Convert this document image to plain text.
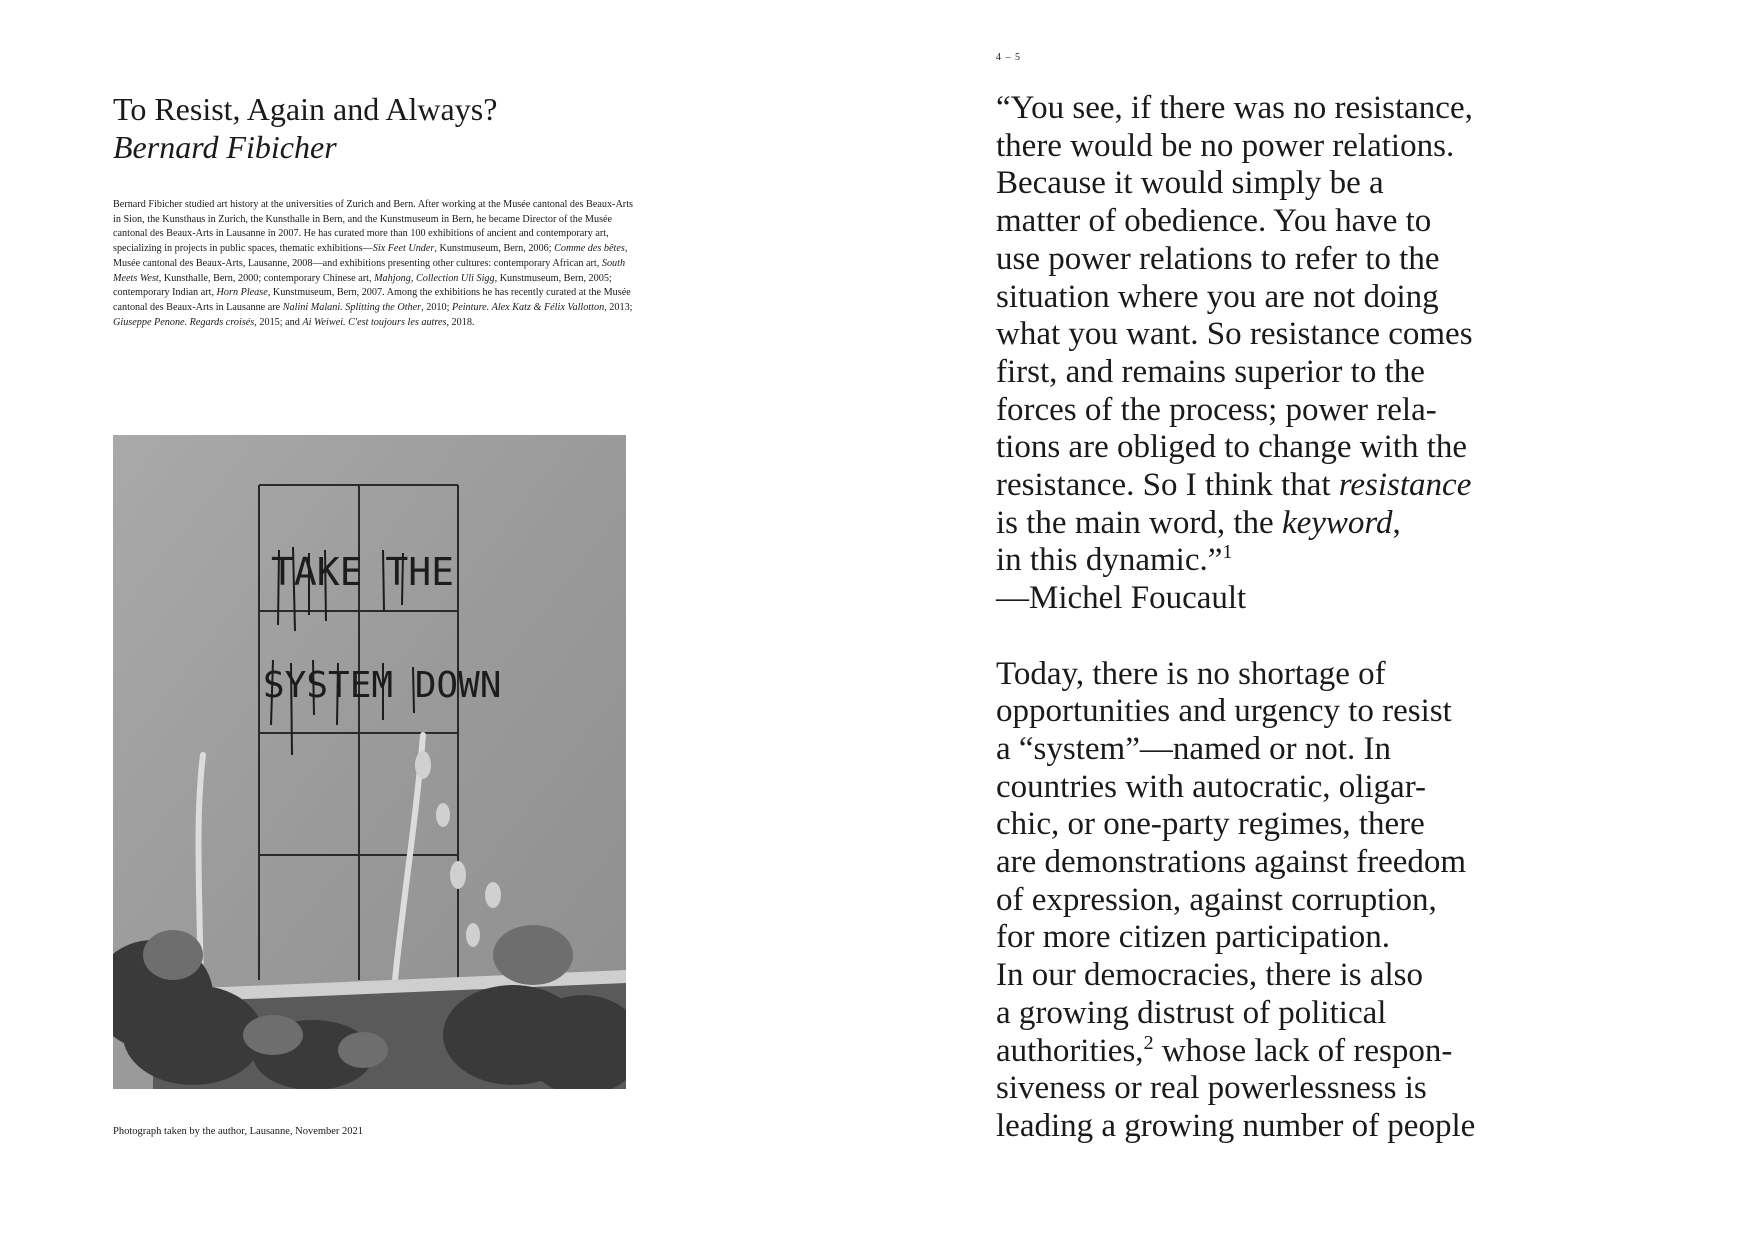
To Resist, Again and Always?
Bernard Fibicher
Bernard Fibicher studied art history at the universities of Zurich and Bern. After working at the Musée cantonal des Beaux-Arts in Sion, the Kunsthaus in Zurich, the Kunsthalle in Bern, and the Kunstmuseum in Bern, he became Director of the Musée cantonal des Beaux-Arts in Lausanne in 2007. He has curated more than 100 exhibitions of ancient and contemporary art, specializing in projects in public spaces, thematic exhibitions—Six Feet Under, Kunstmuseum, Bern, 2006; Comme des bêtes, Musée cantonal des Beaux-Arts, Lausanne, 2008—and exhibitions presenting other cultures: contemporary African art, South Meets West, Kunsthalle, Bern, 2000; contemporary Chinese art, Mahjong, Collection Uli Sigg, Kunstmuseum, Bern, 2005; contemporary Indian art, Horn Please, Kunstmuseum, Bern, 2007. Among the exhibitions he has recently curated at the Musée cantonal des Beaux-Arts in Lausanne are Nalini Malani. Splitting the Other, 2010; Peinture. Alex Katz & Félix Vallotton, 2013; Giuseppe Penone. Regards croisés, 2015; and Ai Weiwei. C'est toujours les autres, 2018.
TAKE THE
SYSTEM DOWN
Photograph taken by the author, Lausanne, November 2021
4 – 5
“You see, if there was no resistance,
there would be no power relations.
Because it would simply be a
matter of obedience. You have to
use power relations to refer to the
situation where you are not doing
what you want. So resistance comes
first, and remains superior to the
forces of the process; power rela-
tions are obliged to change with the
resistance. So I think that resistance
is the main word, the keyword,
in this dynamic.”$^1$
—Michel Foucault
Today, there is no shortage of
opportunities and urgency to resist
a “system”—named or not. In
countries with autocratic, oligar-
chic, or one-party regimes, there
are demonstrations against freedom
of expression, against corruption,
for more citizen participation.
In our democracies, there is also
a growing distrust of political
authorities,$^2$ whose lack of respon-
siveness or real powerlessness is
leading a growing number of people
